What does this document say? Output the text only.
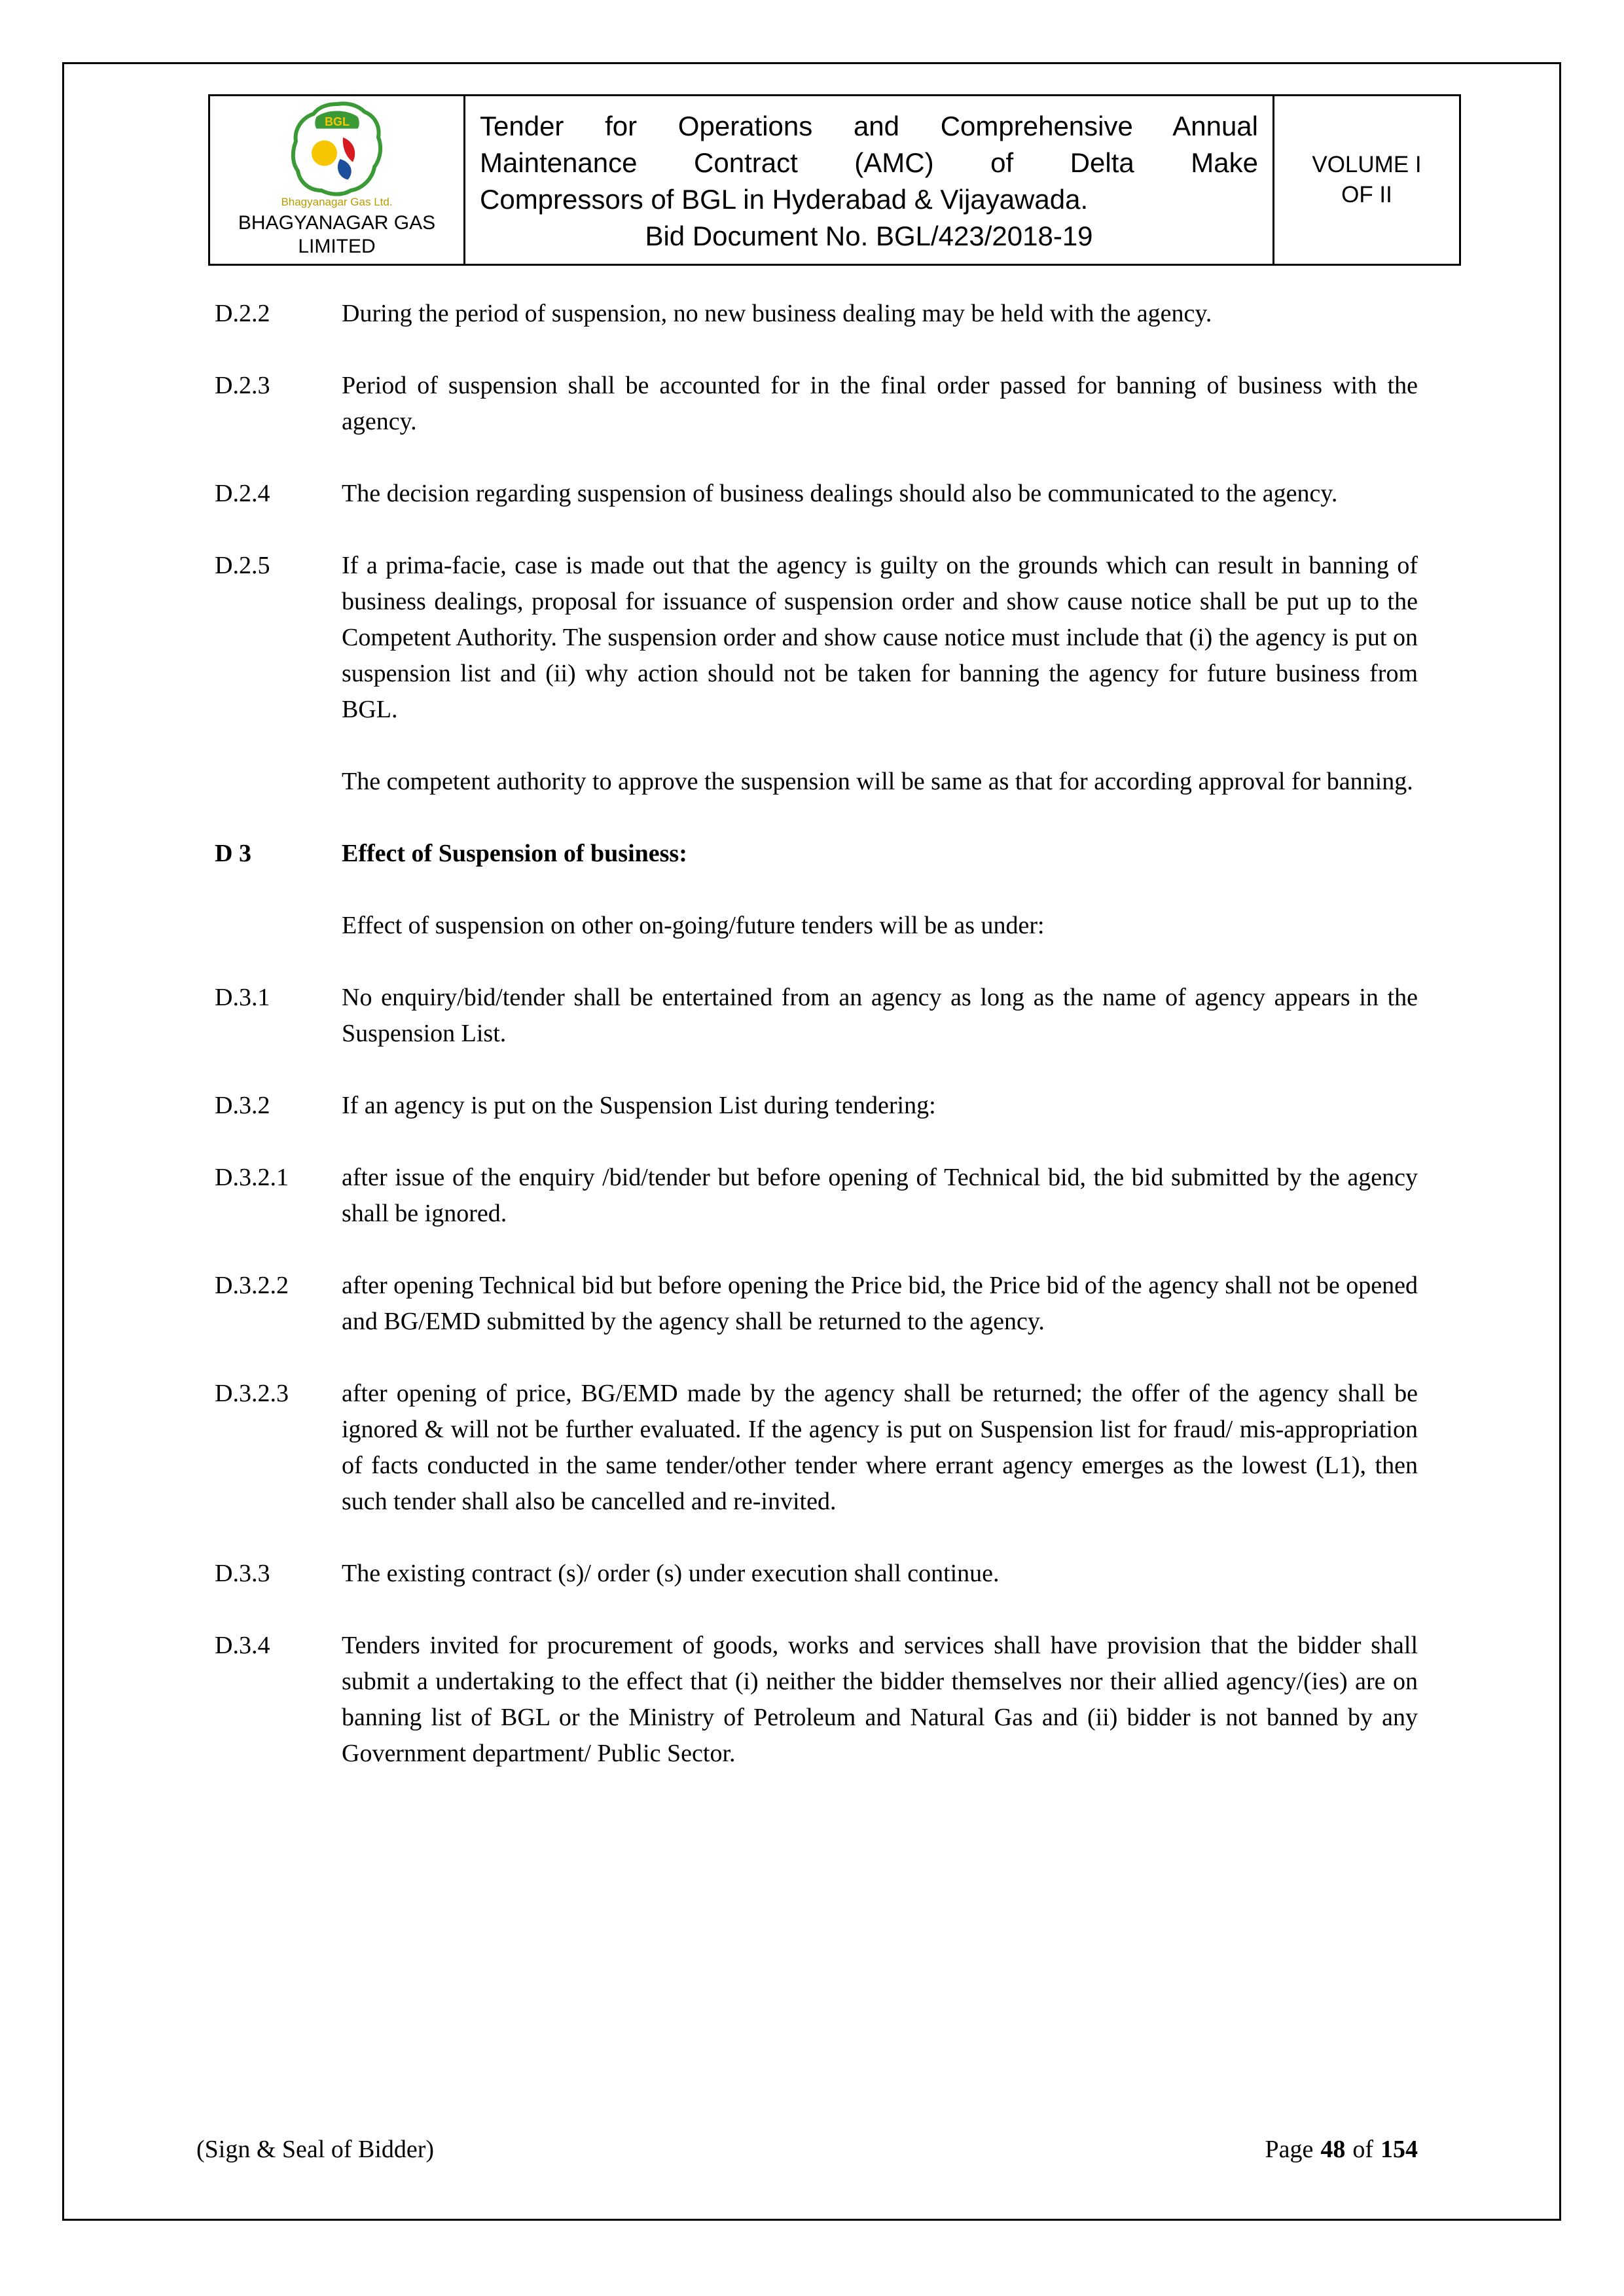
BGL
Bhagyanagar Gas Ltd.
BHAGYANAGAR GAS LIMITED
Tender for Operations and Comprehensive Annual
Maintenance Contract (AMC) of Delta Make
Compressors of BGL in Hyderabad & Vijayawada.
Bid Document No. BGL/423/2018-19
VOLUME I
OF II
D.2.2	During the period of suspension, no new business dealing may be held with the agency.
D.2.3	Period of suspension shall be accounted for in the final order passed for banning of business with the agency.
D.2.4	The decision regarding suspension of business dealings should also be communicated to the agency.
D.2.5	If a prima-facie, case is made out that the agency is guilty on the grounds which can result in banning of business dealings, proposal for issuance of suspension order and show cause notice shall be put up to the Competent Authority. The suspension order and show cause notice must include that (i) the agency is put on suspension list and (ii) why action should not be taken for banning the agency for future business from BGL.
The competent authority to approve the suspension will be same as that for according approval for banning.
D 3	Effect of Suspension of business:
Effect of suspension on other on-going/future tenders will be as under:
D.3.1	No enquiry/bid/tender shall be entertained from an agency as long as the name of agency appears in the Suspension List.
D.3.2	If an agency is put on the Suspension List during tendering:
D.3.2.1	after issue of the enquiry /bid/tender but before opening of Technical bid, the bid submitted by the agency shall be ignored.
D.3.2.2	after opening Technical bid but before opening the Price bid, the Price bid of the agency shall not be opened and BG/EMD submitted by the agency shall be returned to the agency.
D.3.2.3	after opening of price, BG/EMD made by the agency shall be returned; the offer of the agency shall be ignored & will not be further evaluated. If the agency is put on Suspension list for fraud/ mis-appropriation of facts conducted in the same tender/other tender where errant agency emerges as the lowest (L1), then such tender shall also be cancelled and re-invited.
D.3.3	The existing contract (s)/ order (s) under execution shall continue.
D.3.4	Tenders invited for procurement of goods, works and services shall have provision that the bidder shall submit a undertaking to the effect that (i) neither the bidder themselves nor their allied agency/(ies) are on banning list of BGL or the Ministry of Petroleum and Natural Gas and (ii) bidder is not banned by any Government department/ Public Sector.
(Sign & Seal of Bidder)	Page 48 of 154
